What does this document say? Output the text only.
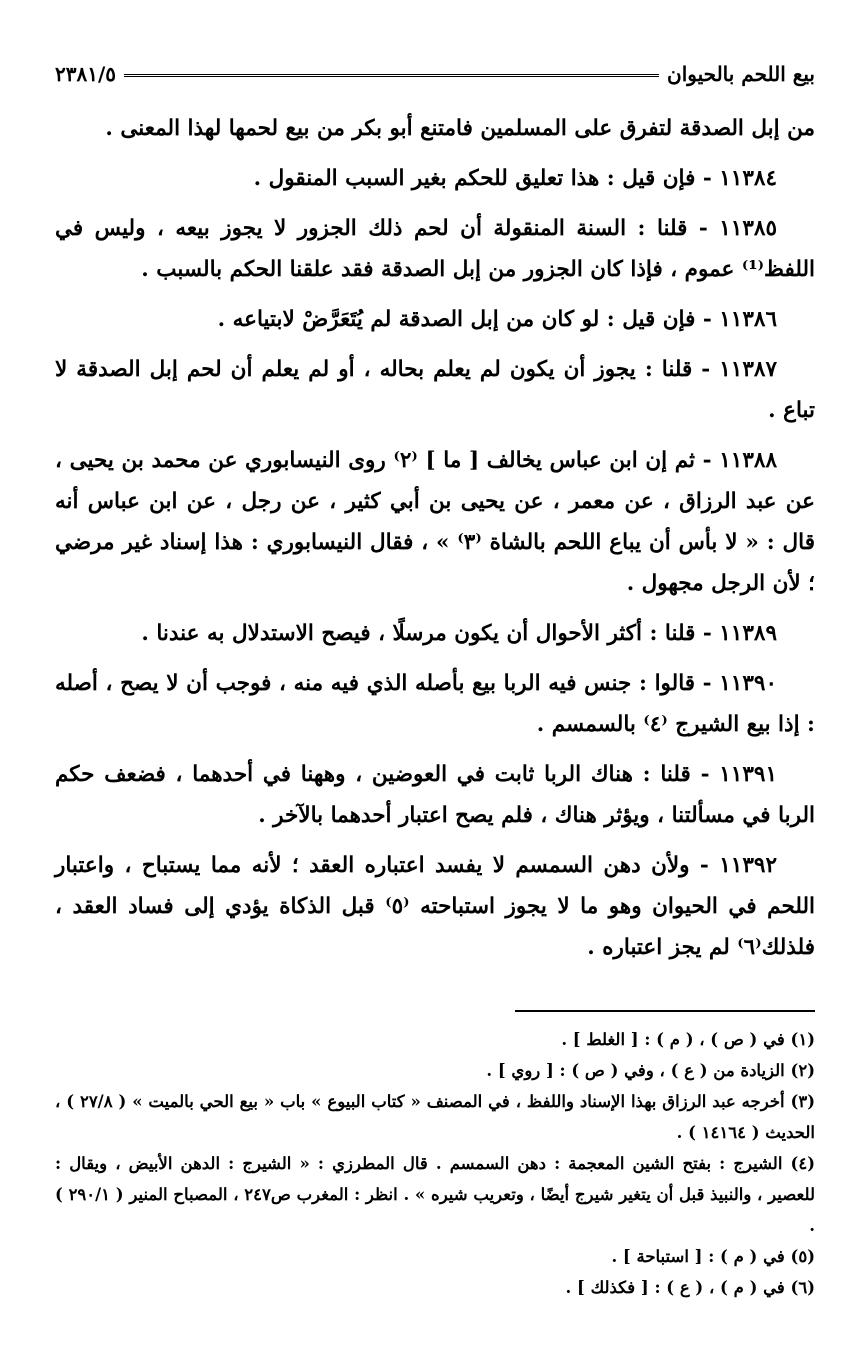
بيع اللحم بالحيوان
٢٣٨١/٥

من إبل الصدقة لتفرق على المسلمين فامتنع أبو بكر من بيع لحمها لهذا المعنى .

١١٣٨٤ - فإن قيل : هذا تعليق للحكم بغير السبب المنقول .

١١٣٨٥ - قلنا : السنة المنقولة أن لحم ذلك الجزور لا يجوز بيعه ، وليس في اللفظ⁽¹⁾ عموم ، فإذا كان الجزور من إبل الصدقة فقد علقنا الحكم بالسبب .

١١٣٨٦ - فإن قيل : لو كان من إبل الصدقة لم يُتَعَرَّضْ لابتياعه .

١١٣٨٧ - قلنا : يجوز أن يكون لم يعلم بحاله ، أو لم يعلم أن لحم إبل الصدقة لا تباع .

١١٣٨٨ - ثم إن ابن عباس يخالف [ ما ] ⁽٢⁾ روى النيسابوري عن محمد بن يحيى ، عن عبد الرزاق ، عن معمر ، عن يحيى بن أبي كثير ، عن رجل ، عن ابن عباس أنه قال : « لا بأس أن يباع اللحم بالشاة ⁽٣⁾ » ، فقال النيسابوري : هذا إسناد غير مرضي ؛ لأن الرجل مجهول .

١١٣٨٩ - قلنا : أكثر الأحوال أن يكون مرسلًا ، فيصح الاستدلال به عندنا .

١١٣٩٠ - قالوا : جنس فيه الربا بيع بأصله الذي فيه منه ، فوجب أن لا يصح ، أصله : إذا بيع الشيرج ⁽٤⁾ بالسمسم .

١١٣٩١ - قلنا : هناك الربا ثابت في العوضين ، وههنا في أحدهما ، فضعف حكم الربا في مسألتنا ، ويؤثر هناك ، فلم يصح اعتبار أحدهما بالآخر .

١١٣٩٢ - ولأن دهن السمسم لا يفسد اعتباره العقد ؛ لأنه مما يستباح ، واعتبار اللحم في الحيوان وهو ما لا يجوز استباحته ⁽٥⁾ قبل الذكاة يؤدي إلى فساد العقد ، فلذلك⁽٦⁾ لم يجز اعتباره .

(١) في ( ص ) ، ( م ) : [ الغلط ] .

(٢) الزيادة من ( ع ) ، وفي ( ص ) : [ روي ] .

(٣) أخرجه عبد الرزاق بهذا الإسناد واللفظ ، في المصنف « كتاب البيوع » باب « بيع الحي بالميت » ( ٢٧/٨ ) ، الحديث ( ١٤١٦٤ ) .

(٤) الشيرج : بفتح الشين المعجمة : دهن السمسم . قال المطرزي : « الشيرج : الدهن الأبيض ، ويقال : للعصير ، والنبيذ قبل أن يتغير شيرج أيضًا ، وتعريب شيره » . انظر : المغرب ص٢٤٧ ، المصباح المنير ( ٢٩٠/١ ) .

(٥) في ( م ) : [ استباحة ] .

(٦) في ( م ) ، ( ع ) : [ فكذلك ] .
